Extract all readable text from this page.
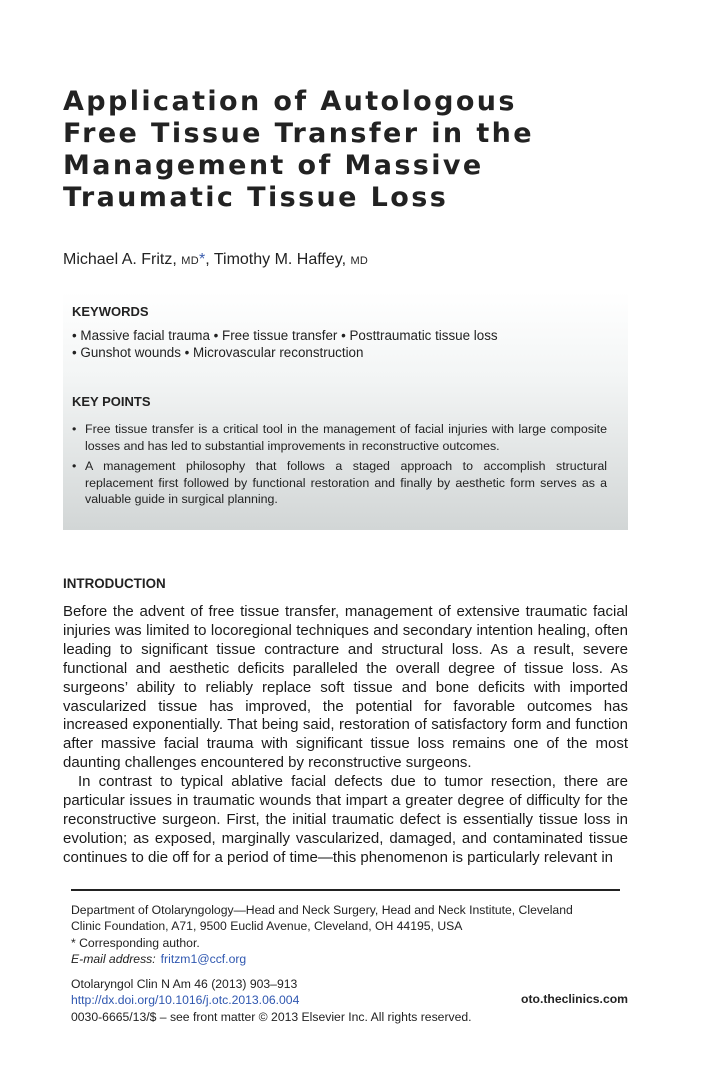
Application of Autologous
Free Tissue Transfer in the
Management of Massive
Traumatic Tissue Loss
Michael A. Fritz, MD*, Timothy M. Haffey, MD
KEYWORDS
• Massive facial trauma • Free tissue transfer • Posttraumatic tissue loss
• Gunshot wounds • Microvascular reconstruction
KEY POINTS
• Free tissue transfer is a critical tool in the management of facial injuries with large composite losses and has led to substantial improvements in reconstructive outcomes.
• A management philosophy that follows a staged approach to accomplish structural replacement first followed by functional restoration and finally by aesthetic form serves as a valuable guide in surgical planning.
INTRODUCTION

Before the advent of free tissue transfer, management of extensive traumatic facial injuries was limited to locoregional techniques and secondary intention healing, often leading to significant tissue contracture and structural loss. As a result, severe functional and aesthetic deficits paralleled the overall degree of tissue loss. As surgeons’ ability to reliably replace soft tissue and bone deficits with imported vascularized tissue has improved, the potential for favorable outcomes has increased exponentially. That being said, restoration of satisfactory form and function after massive facial trauma with significant tissue loss remains one of the most daunting challenges encountered by reconstructive surgeons.

In contrast to typical ablative facial defects due to tumor resection, there are particular issues in traumatic wounds that impart a greater degree of difficulty for the reconstructive surgeon. First, the initial traumatic defect is essentially tissue loss in evolution; as exposed, marginally vascularized, damaged, and contaminated tissue continues to die off for a period of time—this phenomenon is particularly relevant in

Department of Otolaryngology—Head and Neck Surgery, Head and Neck Institute, Cleveland
Clinic Foundation, A71, 9500 Euclid Avenue, Cleveland, OH 44195, USA
* Corresponding author.
E-mail address: fritzm1@ccf.org
Otolaryngol Clin N Am 46 (2013) 903–913
http://dx.doi.org/10.1016/j.otc.2013.06.004
0030-6665/13/$ – see front matter © 2013 Elsevier Inc. All rights reserved.
oto.theclinics.com
